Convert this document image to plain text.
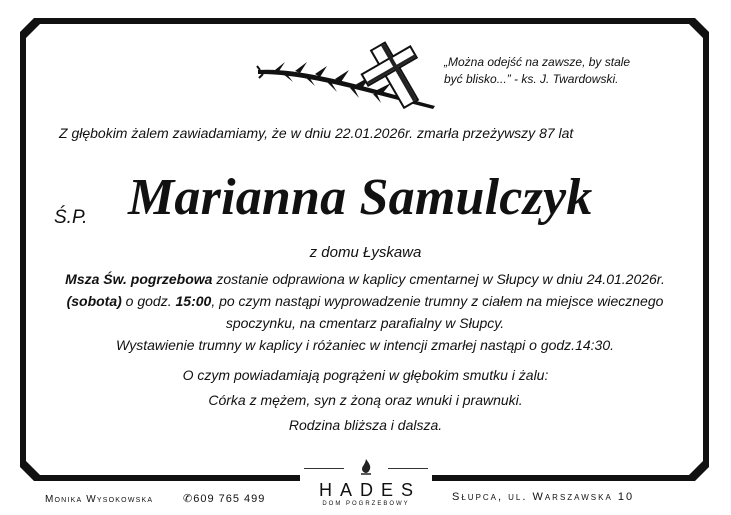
„Można odejść na zawsze, by stale
być blisko...” - ks. J. Twardowski.
Z głębokim żalem zawiadamiamy, że w dniu 22.01.2026r. zmarła przeżywszy 87 lat
Ś.P. Marianna Samulczyk
z domu Łyskawa
Msza Św. pogrzebowa zostanie odprawiona w kaplicy cmentarnej w Słupcy w dniu 24.01.2026r. (sobota) o godz. 15:00, po czym nastąpi wyprowadzenie trumny z ciałem na miejsce wiecznego spoczynku, na cmentarz parafialny w Słupcy.
Wystawienie trumny w kaplicy i różaniec w intencji zmarłej nastąpi o godz.14:30.
O czym powiadamiają pogrążeni w głębokim smutku i żalu:
Córka z mężem, syn z żoną oraz wnuki i prawnuki.
Rodzina bliższa i dalsza.
HADES
DOM POGRZEBOWY
Monika Wysokowska	✆609 765 499	Słupca, ul. Warszawska 10
